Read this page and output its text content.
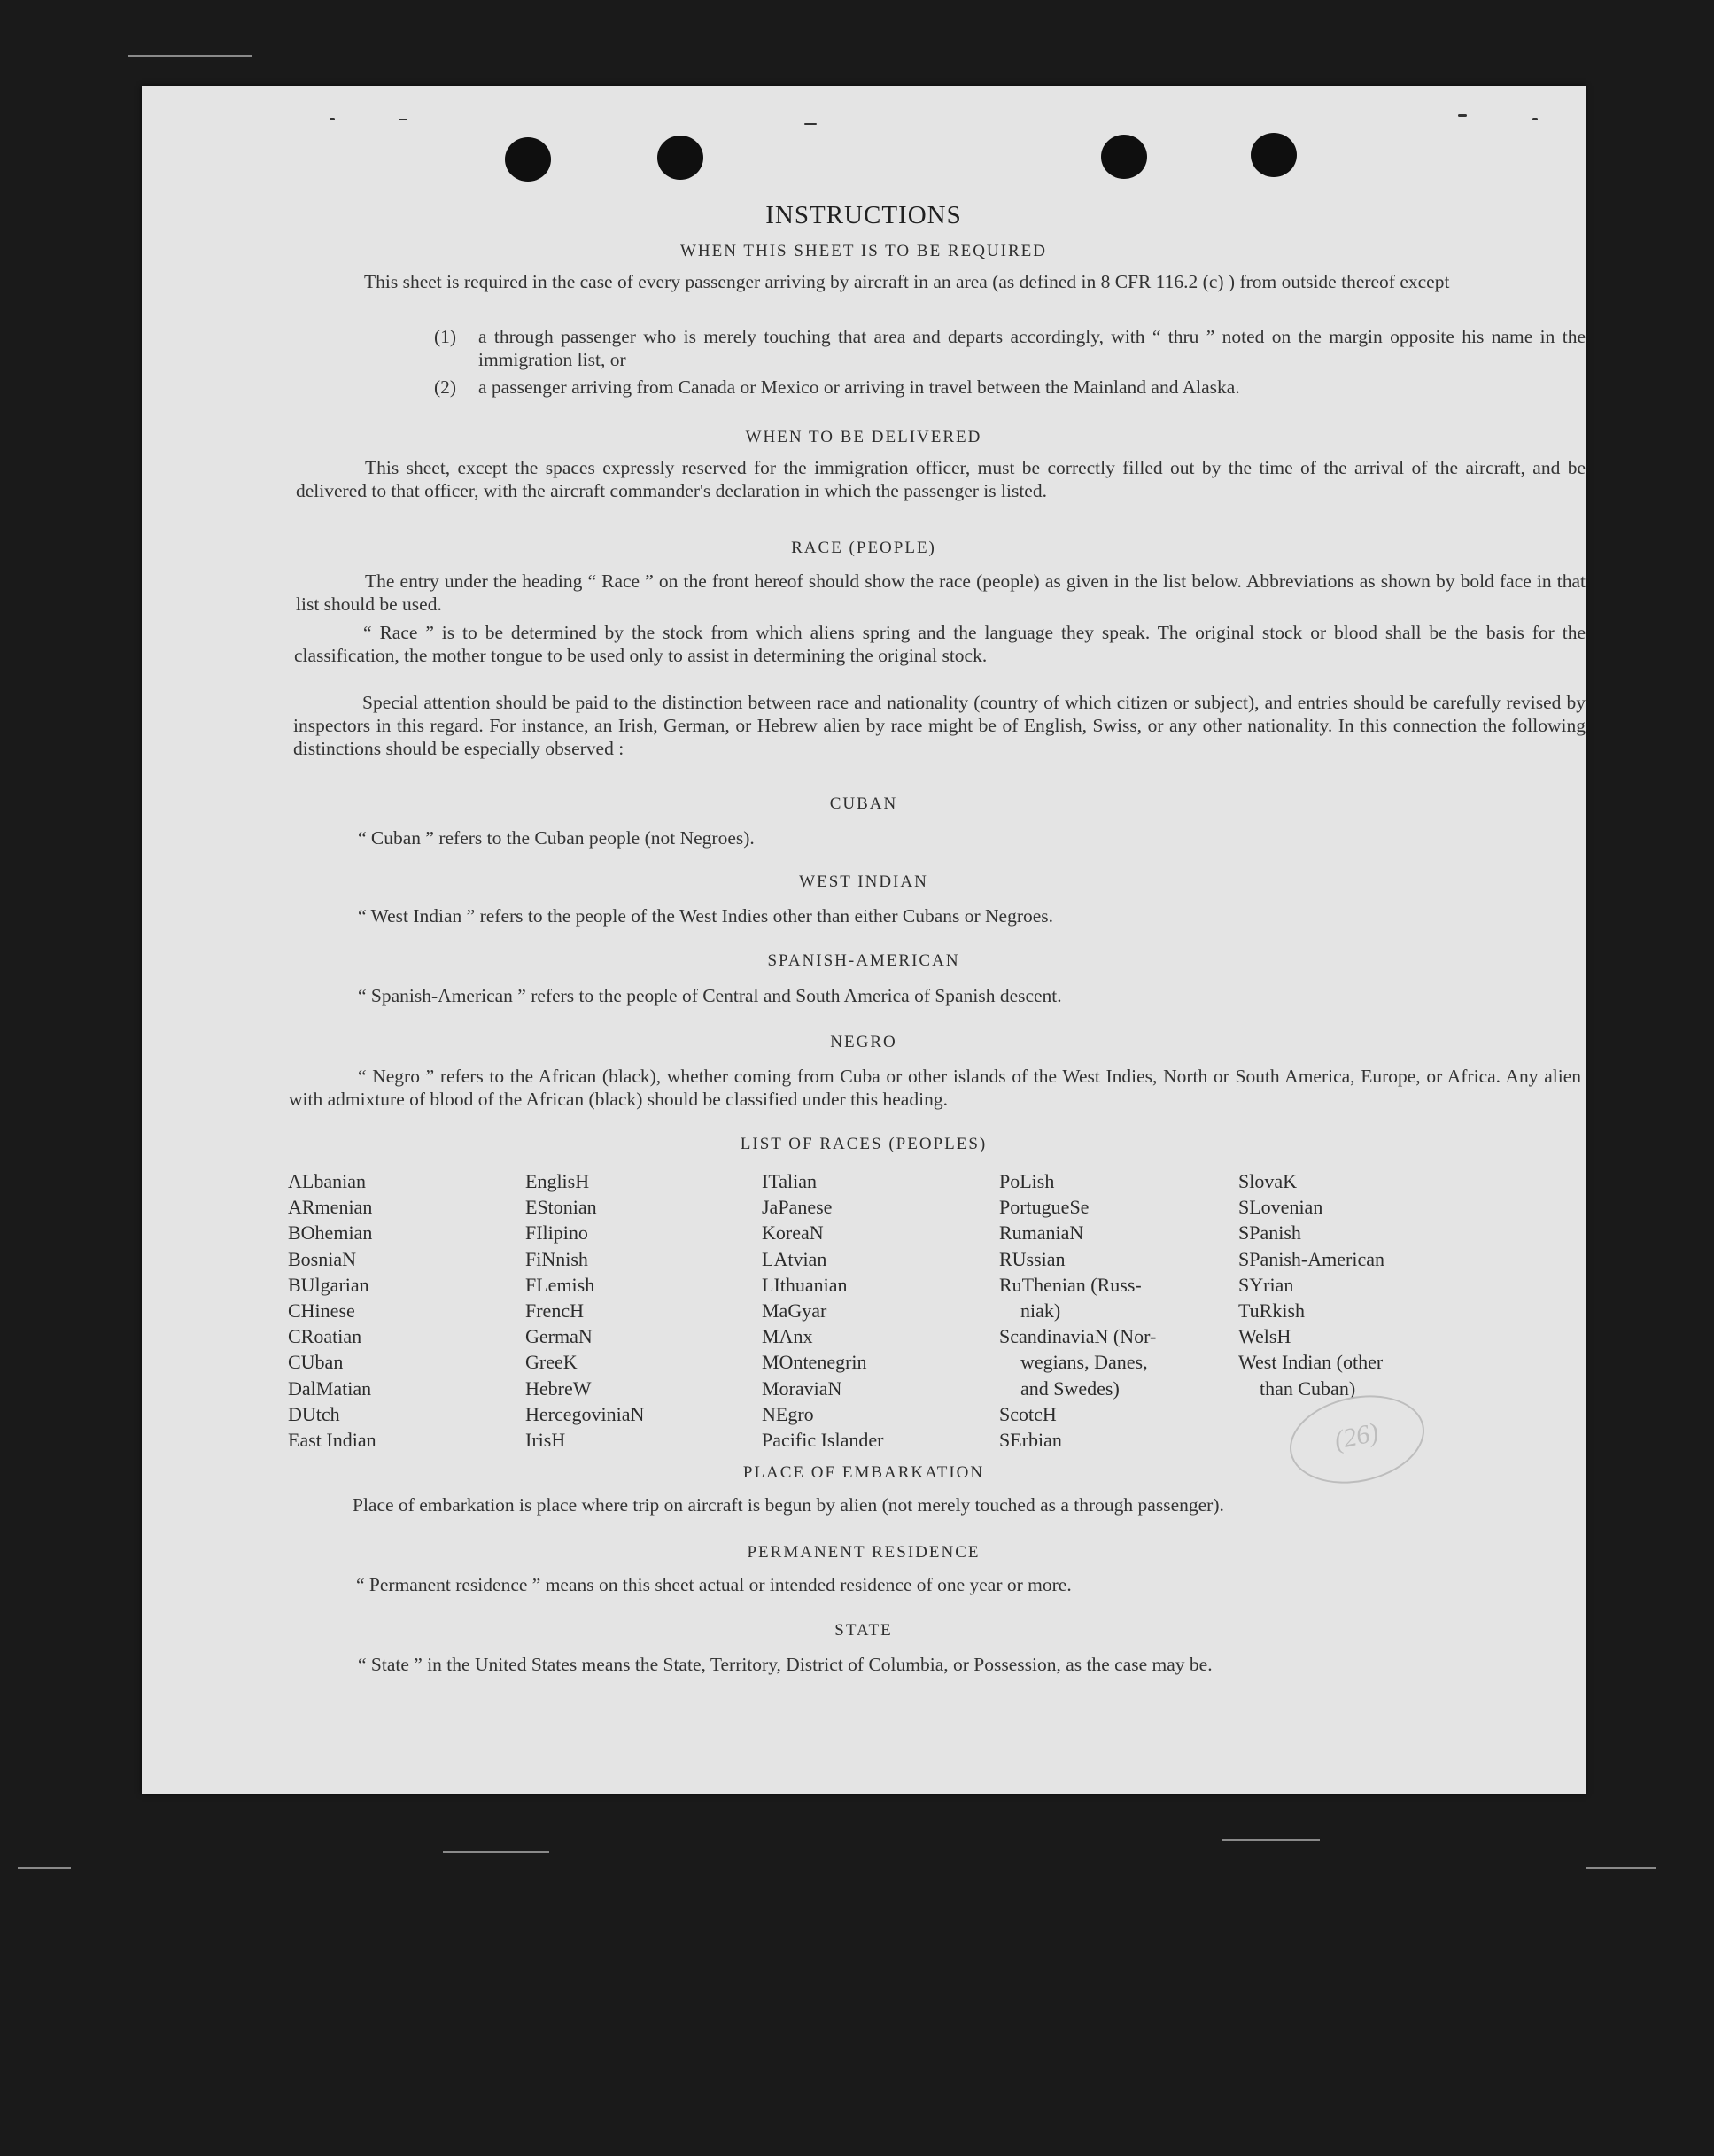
INSTRUCTIONS
WHEN THIS SHEET IS TO BE REQUIRED
This sheet is required in the case of every passenger arriving by aircraft in an area (as defined in 8 CFR 116.2 (c) ) from outside thereof except
(1) a through passenger who is merely touching that area and departs accordingly, with “ thru ” noted on the margin opposite his name in the immigration list, or
(2) a passenger arriving from Canada or Mexico or arriving in travel between the Mainland and Alaska.
WHEN TO BE DELIVERED
This sheet, except the spaces expressly reserved for the immigration officer, must be correctly filled out by the time of the arrival of the aircraft, and be delivered to that officer, with the aircraft commander's declaration in which the passenger is listed.
RACE (PEOPLE)
The entry under the heading “ Race ” on the front hereof should show the race (people) as given in the list below. Abbreviations as shown by bold face in that list should be used.
“ Race ” is to be determined by the stock from which aliens spring and the language they speak. The original stock or blood shall be the basis for the classification, the mother tongue to be used only to assist in determining the original stock.
Special attention should be paid to the distinction between race and nationality (country of which citizen or subject), and entries should be carefully revised by inspectors in this regard. For instance, an Irish, German, or Hebrew alien by race might be of English, Swiss, or any other nationality. In this connection the following distinctions should be especially observed :
CUBAN
“ Cuban ” refers to the Cuban people (not Negroes).
WEST INDIAN
“ West Indian ” refers to the people of the West Indies other than either Cubans or Negroes.
SPANISH-AMERICAN
“ Spanish-American ” refers to the people of Central and South America of Spanish descent.
NEGRO
“ Negro ” refers to the African (black), whether coming from Cuba or other islands of the West Indies, North or South America, Europe, or Africa. Any alien with admixture of blood of the African (black) should be classified under this heading.
LIST OF RACES (PEOPLES)
ALbanian
ARmenian
BOhemian
BosniaN
BUlgarian
CHinese
CRoatian
CUban
DalMatian
DUtch
East Indian
EnglisH
EStonian
FIlipino
FiNnish
FLemish
FrencH
GermaN
GreeK
HebreW
HercegoviniaN
IrisH
ITalian
JaPanese
KoreaN
LAtvian
LIthuanian
MaGyar
MAnx
MOntenegrin
MoraviaN
NEgro
Pacific Islander
PoLish
PortugueSe
RumaniaN
RUssian
RuThenian (Russ-
niak)
ScandinaviaN (Nor-
wegians, Danes,
and Swedes)
ScotcH
SErbian
SlovaK
SLovenian
SPanish
SPanish-American
SYrian
TuRkish
WelsH
West Indian (other
than Cuban)
(26)
PLACE OF EMBARKATION
Place of embarkation is place where trip on aircraft is begun by alien (not merely touched as a through passenger).
PERMANENT RESIDENCE
“ Permanent residence ” means on this sheet actual or intended residence of one year or more.
STATE
“ State ” in the United States means the State, Territory, District of Columbia, or Possession, as the case may be.
